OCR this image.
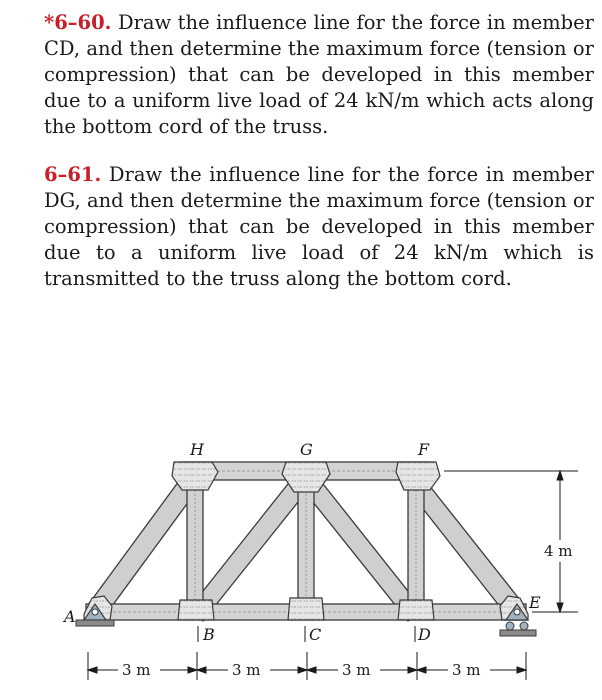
*6–60. Draw the influence line for the force in member CD, and then determine the maximum force (tension or compression) that can be developed in this member due to a uniform live load of 24 kN/m which acts along the bottom cord of the truss.
6–61. Draw the influence line for the force in member DG, and then determine the maximum force (tension or compression) that can be developed in this member due to a uniform live load of 24 kN/m which is transmitted to the truss along the bottom cord.
A
B	C	D
E
F
G
H
4 m
3 m	3 m	3 m	3 m
